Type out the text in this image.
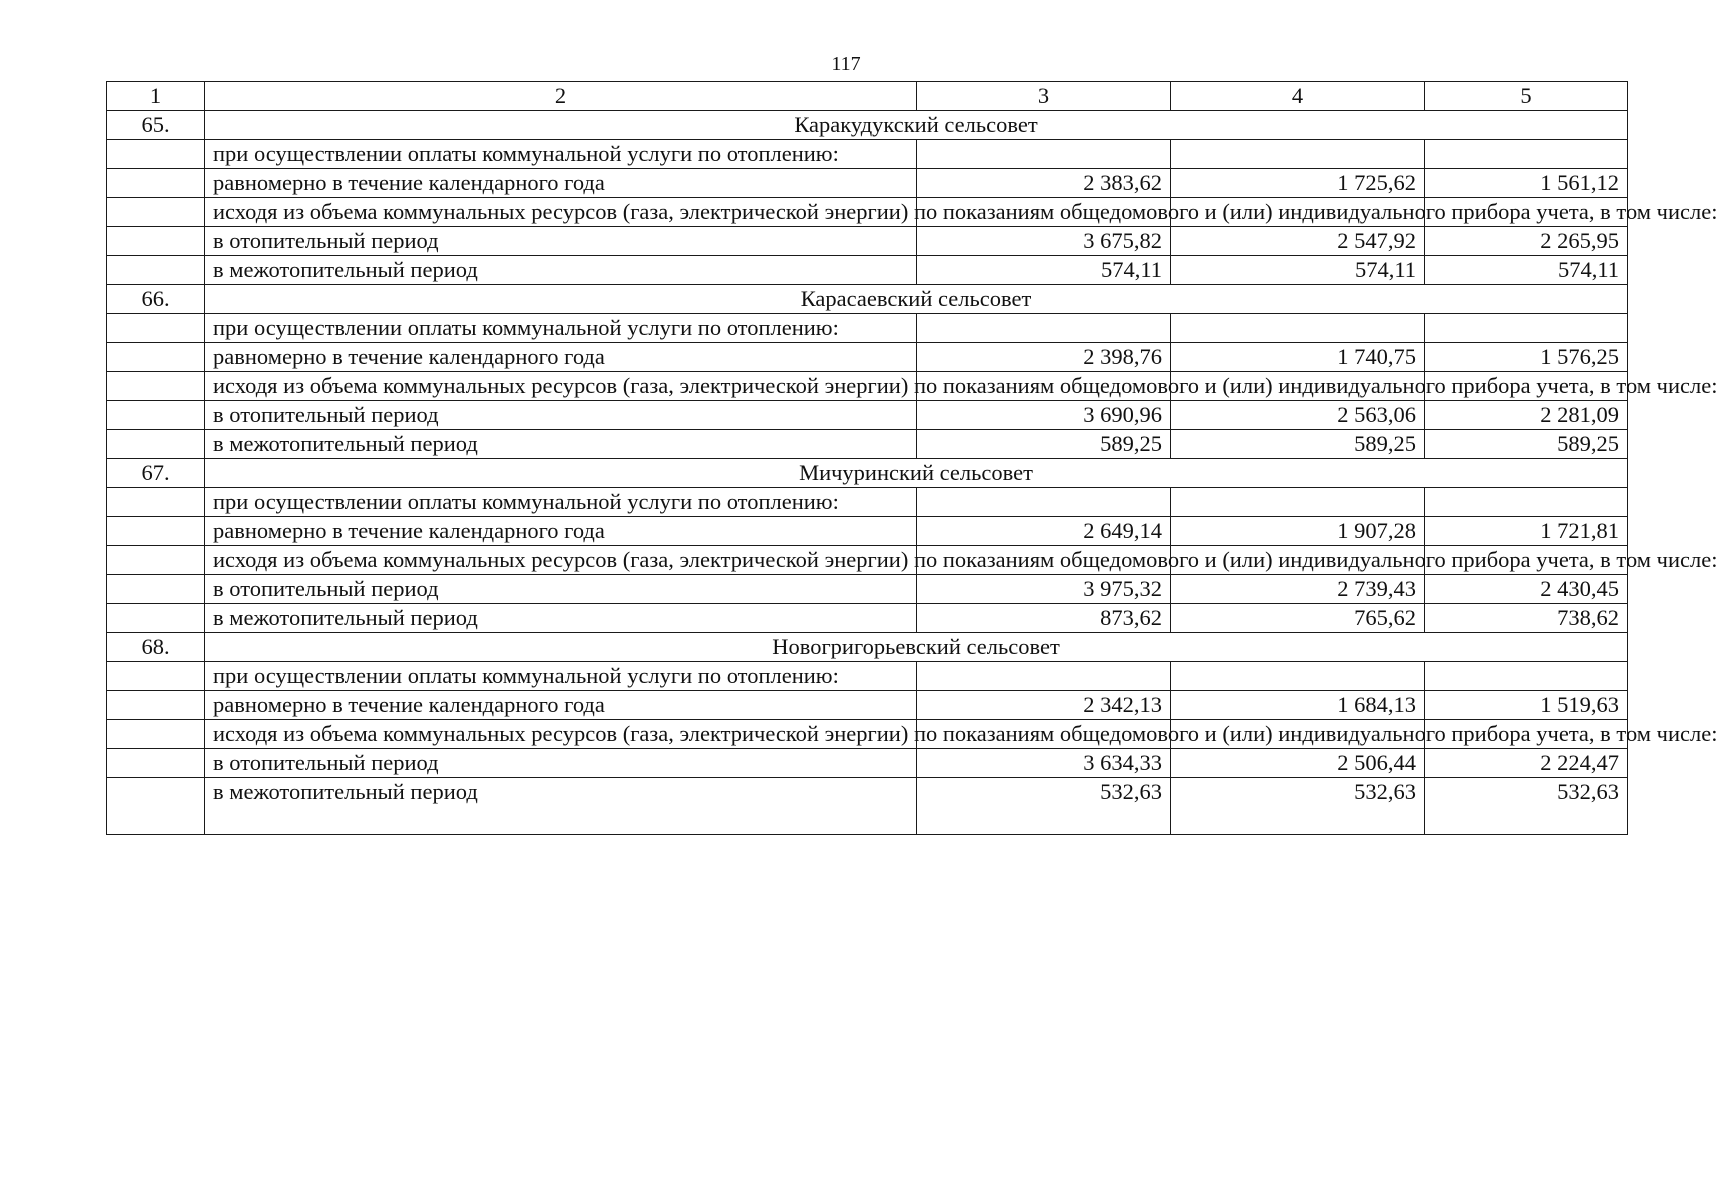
117
1	2	3	4	5
65.	Каракудукский сельсовет			
	при осуществлении оплаты коммунальной услуги по отоплению:			
	равномерно в течение календарного года	2 383,62	1 725,62	1 561,12
	исходя из объема коммунальных ресурсов (газа, электрической энергии) по показаниям общедомового и (или) индивидуального прибора учета, в том числе:			
	в отопительный период	3 675,82	2 547,92	2 265,95
	в межотопительный период	574,11	574,11	574,11
66.	Карасаевский сельсовет			
	при осуществлении оплаты коммунальной услуги по отоплению:			
	равномерно в течение календарного года	2 398,76	1 740,75	1 576,25
	исходя из объема коммунальных ресурсов (газа, электрической энергии) по показаниям общедомового и (или) индивидуального прибора учета, в том числе:			
	в отопительный период	3 690,96	2 563,06	2 281,09
	в межотопительный период	589,25	589,25	589,25
67.	Мичуринский сельсовет			
	при осуществлении оплаты коммунальной услуги по отоплению:			
	равномерно в течение календарного года	2 649,14	1 907,28	1 721,81
	исходя из объема коммунальных ресурсов (газа, электрической энергии) по показаниям общедомового и (или) индивидуального прибора учета, в том числе:			
	в отопительный период	3 975,32	2 739,43	2 430,45
	в межотопительный период	873,62	765,62	738,62
68.	Новогригорьевский сельсовет			
	при осуществлении оплаты коммунальной услуги по отоплению:			
	равномерно в течение календарного года	2 342,13	1 684,13	1 519,63
	исходя из объема коммунальных ресурсов (газа, электрической энергии) по показаниям общедомового и (или) индивидуального прибора учета, в том числе:			
	в отопительный период	3 634,33	2 506,44	2 224,47
	в межотопительный период	532,63	532,63	532,63
